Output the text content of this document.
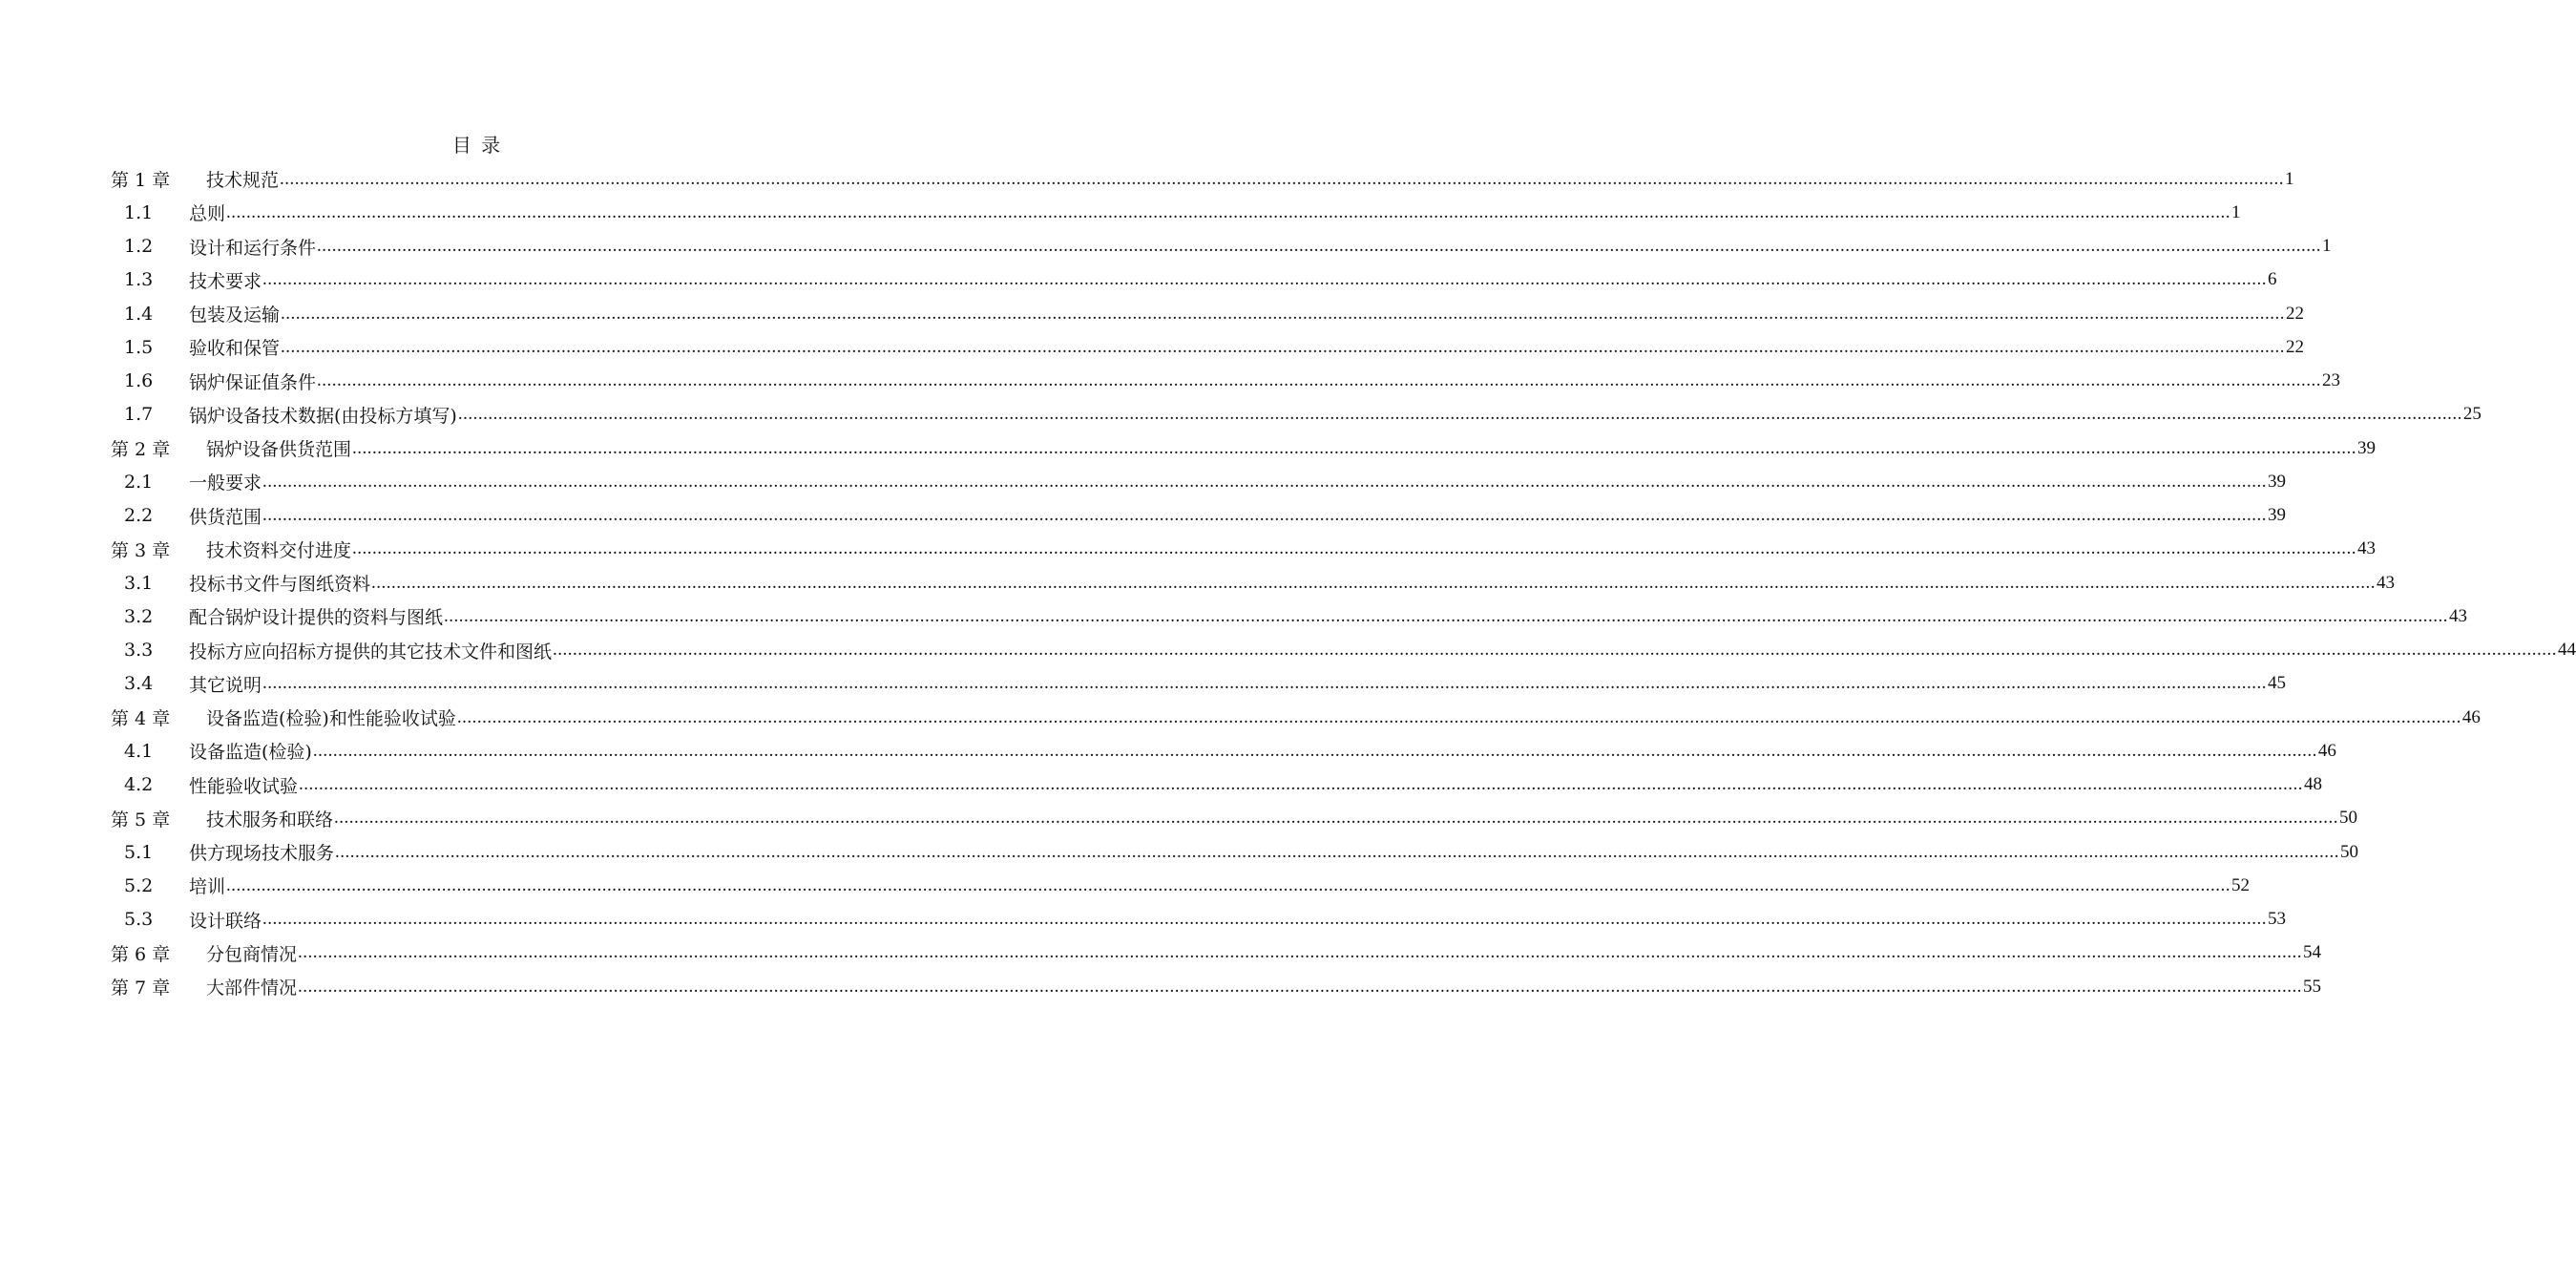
目 录
第 1 章	技术规范 ................................................................................................................................................................................................................................................................................................................................................................................................................ 1
1.1	总则 ................................................................................................................................................................................................................................................................................................................................................................................................................ 1
1.2	设计和运行条件 ................................................................................................................................................................................................................................................................................................................................................................................................................ 1
1.3	技术要求 ................................................................................................................................................................................................................................................................................................................................................................................................................ 6
1.4	包装及运输 ................................................................................................................................................................................................................................................................................................................................................................................................................ 22
1.5	验收和保管 ................................................................................................................................................................................................................................................................................................................................................................................................................ 22
1.6	锅炉保证值条件 ................................................................................................................................................................................................................................................................................................................................................................................................................ 23
1.7	锅炉设备技术数据(由投标方填写) ................................................................................................................................................................................................................................................................................................................................................................................................................ 25
第 2 章	锅炉设备供货范围 ................................................................................................................................................................................................................................................................................................................................................................................................................ 39
2.1	一般要求 ................................................................................................................................................................................................................................................................................................................................................................................................................ 39
2.2	供货范围 ................................................................................................................................................................................................................................................................................................................................................................................................................ 39
第 3 章	技术资料交付进度 ................................................................................................................................................................................................................................................................................................................................................................................................................ 43
3.1	投标书文件与图纸资料 ................................................................................................................................................................................................................................................................................................................................................................................................................ 43
3.2	配合锅炉设计提供的资料与图纸 ................................................................................................................................................................................................................................................................................................................................................................................................................ 43
3.3	投标方应向招标方提供的其它技术文件和图纸 ................................................................................................................................................................................................................................................................................................................................................................................................................ 44
3.4	其它说明 ................................................................................................................................................................................................................................................................................................................................................................................................................ 45
第 4 章	设备监造(检验)和性能验收试验 ................................................................................................................................................................................................................................................................................................................................................................................................................ 46
4.1	设备监造(检验) ................................................................................................................................................................................................................................................................................................................................................................................................................ 46
4.2	性能验收试验 ................................................................................................................................................................................................................................................................................................................................................................................................................ 48
第 5 章	技术服务和联络 ................................................................................................................................................................................................................................................................................................................................................................................................................ 50
5.1	供方现场技术服务 ................................................................................................................................................................................................................................................................................................................................................................................................................ 50
5.2	培训 ................................................................................................................................................................................................................................................................................................................................................................................................................ 52
5.3	设计联络 ................................................................................................................................................................................................................................................................................................................................................................................................................ 53
第 6 章	分包商情况 ................................................................................................................................................................................................................................................................................................................................................................................................................ 54
第 7 章	大部件情况 ................................................................................................................................................................................................................................................................................................................................................................................................................ 55
